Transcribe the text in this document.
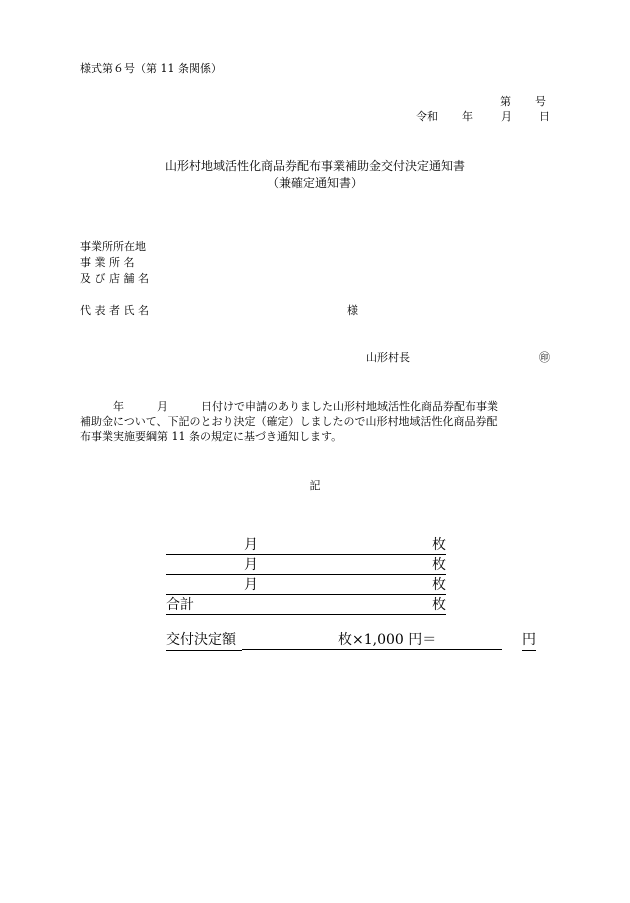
様式第６号（第 11 条関係）
第 号
令和 年	月 日
山形村地域活性化商品券配布事業補助金交付決定通知書
（兼確定通知書）
事業所所在地
事 業 所 名
及 び 店 舗 名
代 表 者 氏 名	様
山形村長	㊞
　　　年　　　月　　　日付けで申請のありました山形村地域活性化商品券配布事業
補助金について、下記のとおり決定（確定）しましたので山形村地域活性化商品券配
布事業実施要綱第 11 条の規定に基づき通知します。
記
月	枚
月	枚
月	枚
合計	枚
交付決定額	枚×1,000 円＝	円
